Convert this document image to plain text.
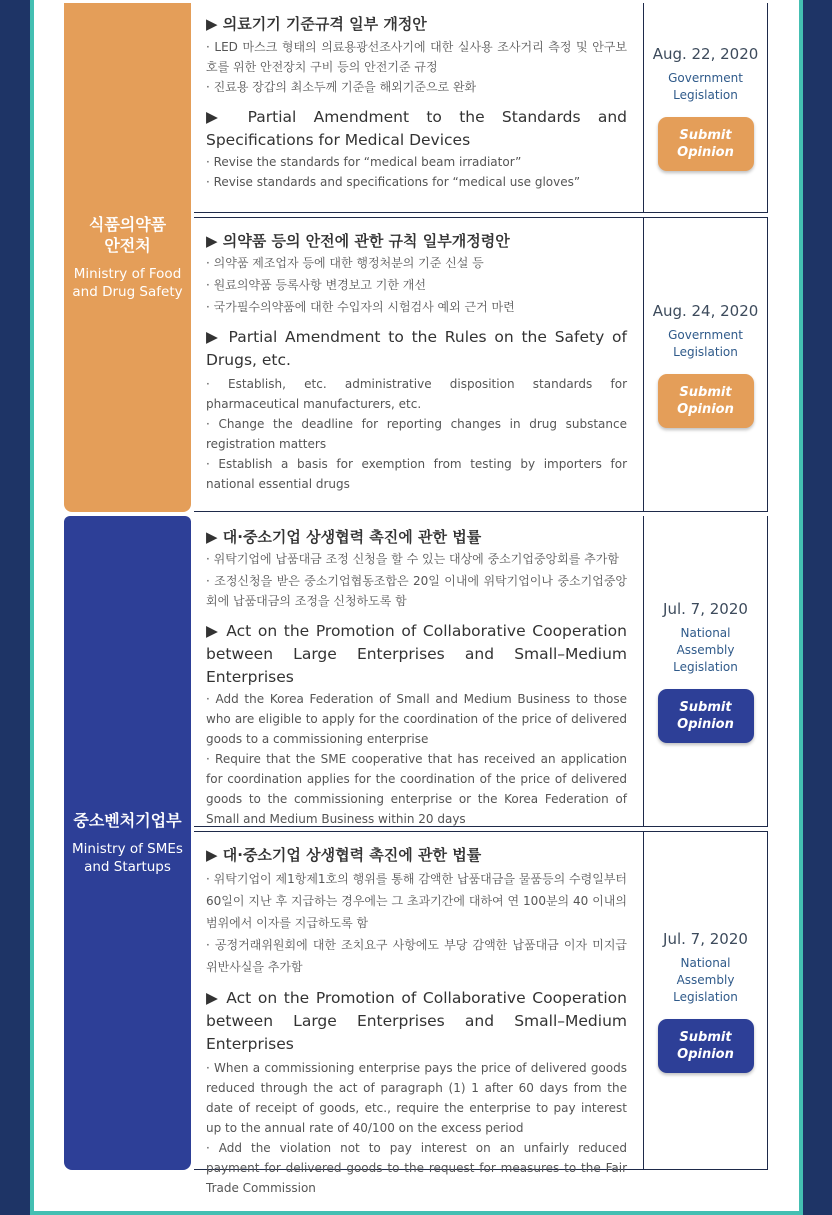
식품의약품
안전처
Ministry of Food and Drug Safety
중소벤처기업부
Ministry of SMEs and Startups
▶ 의료기기 기준규격 일부 개정안
· LED 마스크 형태의 의료용광선조사기에 대한 실사용 조사거리 측정 및 안구보호를 위한 안전장치 구비 등의 안전기준 규정
· 진료용 장갑의 최소두께 기준을 해외기준으로 완화
▶ Partial Amendment to the Standards and Specifications for Medical Devices
· Revise the standards for “medical beam irradiator”
· Revise standards and specifications for “medical use gloves”
Aug. 22, 2020
Government Legislation
Submit Opinion
▶ 의약품 등의 안전에 관한 규칙 일부개정령안
· 의약품 제조업자 등에 대한 행정처분의 기준 신설 등
· 원료의약품 등록사항 변경보고 기한 개선
· 국가필수의약품에 대한 수입자의 시험검사 예외 근거 마련
▶ Partial Amendment to the Rules on the Safety of Drugs, etc.
· Establish, etc. administrative disposition standards for pharmaceutical manufacturers, etc.
· Change the deadline for reporting changes in drug substance registration matters
· Establish a basis for exemption from testing by importers for national essential drugs
Aug. 24, 2020
Government Legislation
Submit Opinion
▶ 대·중소기업 상생협력 촉진에 관한 법률
· 위탁기업에 납품대금 조정 신청을 할 수 있는 대상에 중소기업중앙회를 추가함
· 조정신청을 받은 중소기업협동조합은 20일 이내에 위탁기업이나 중소기업중앙회에 납품대금의 조정을 신청하도록 함
▶ Act on the Promotion of Collaborative Cooperation between Large Enterprises and Small–Medium Enterprises
· Add the Korea Federation of Small and Medium Business to those who are eligible to apply for the coordination of the price of delivered goods to a commissioning enterprise
· Require that the SME cooperative that has received an application for coordination applies for the coordination of the price of delivered goods to the commissioning enterprise or the Korea Federation of Small and Medium Business within 20 days
Jul. 7, 2020
National Assembly Legislation
Submit Opinion
▶ 대·중소기업 상생협력 촉진에 관한 법률
· 위탁기업이 제1항제1호의 행위를 통해 감액한 납품대금을 물품등의 수령일부터 60일이 지난 후 지급하는 경우에는 그 초과기간에 대하여 연 100분의 40 이내의 범위에서 이자를 지급하도록 함
· 공정거래위원회에 대한 조치요구 사항에도 부당 감액한 납품대금 이자 미지급 위반사실을 추가함
▶ Act on the Promotion of Collaborative Cooperation between Large Enterprises and Small–Medium Enterprises
· When a commissioning enterprise pays the price of delivered goods reduced through the act of paragraph (1) 1 after 60 days from the date of receipt of goods, etc., require the enterprise to pay interest up to the annual rate of 40/100 on the excess period
· Add the violation not to pay interest on an unfairly reduced payment for delivered goods to the request for measures to the Fair Trade Commission
Jul. 7, 2020
National Assembly Legislation
Submit Opinion
